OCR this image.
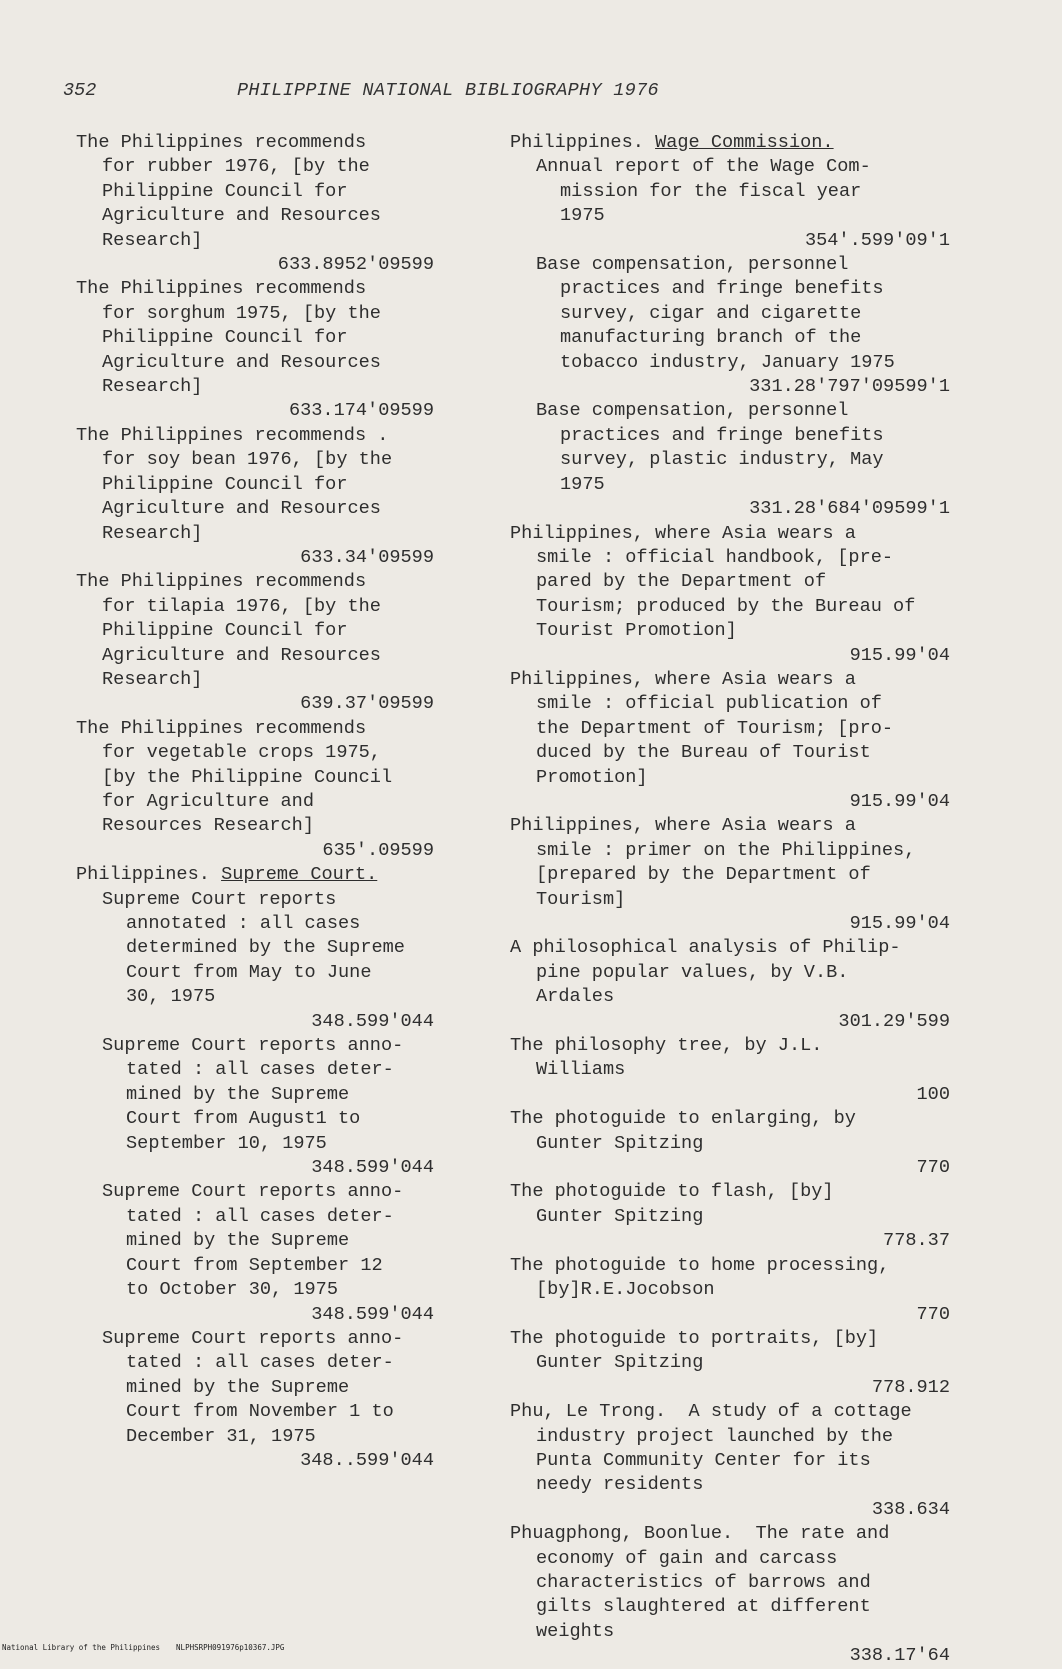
352	PHILIPPINE NATIONAL BIBLIOGRAPHY 1976
The Philippines recommends
for rubber 1976, [by the
Philippine Council for
Agriculture and Resources
Research]
633.8952'09599
The Philippines recommends
for sorghum 1975, [by the
Philippine Council for
Agriculture and Resources
Research]
633.174'09599
The Philippines recommends .
for soy bean 1976, [by the
Philippine Council for
Agriculture and Resources
Research]
633.34'09599
The Philippines recommends
for tilapia 1976, [by the
Philippine Council for
Agriculture and Resources
Research]
639.37'09599
The Philippines recommends
for vegetable crops 1975,
[by the Philippine Council
for Agriculture and
Resources Research]
635'.09599
Philippines. Supreme Court.
Supreme Court reports
annotated : all cases
determined by the Supreme
Court from May to June
30, 1975
348.599'044
Supreme Court reports anno-
tated : all cases deter-
mined by the Supreme
Court from August1 to
September 10, 1975
348.599'044
Supreme Court reports anno-
tated : all cases deter-
mined by the Supreme
Court from September 12
to October 30, 1975
348.599'044
Supreme Court reports anno-
tated : all cases deter-
mined by the Supreme
Court from November 1 to
December 31, 1975
348..599'044
Philippines. Wage Commission.
Annual report of the Wage Com-
mission for the fiscal year
1975
354'.599'09'1
Base compensation, personnel
practices and fringe benefits
survey, cigar and cigarette
manufacturing branch of the
tobacco industry, January 1975
331.28'797'09599'1
Base compensation, personnel
practices and fringe benefits
survey, plastic industry, May
1975
331.28'684'09599'1
Philippines, where Asia wears a
smile : official handbook, [pre-
pared by the Department of
Tourism; produced by the Bureau of
Tourist Promotion]
915.99'04
Philippines, where Asia wears a
smile : official publication of
the Department of Tourism; [pro-
duced by the Bureau of Tourist
Promotion]
915.99'04
Philippines, where Asia wears a
smile : primer on the Philippines,
[prepared by the Department of
Tourism]
915.99'04
A philosophical analysis of Philip-
pine popular values, by V.B.
Ardales
301.29'599
The philosophy tree, by J.L.
Williams
100
The photoguide to enlarging, by
Gunter Spitzing
770
The photoguide to flash, [by]
Gunter Spitzing
778.37
The photoguide to home processing,
[by]R.E.Jocobson
770
The photoguide to portraits, [by]
Gunter Spitzing
778.912
Phu, Le Trong.  A study of a cottage
industry project launched by the
Punta Community Center for its
needy residents
338.634
Phuagphong, Boonlue.  The rate and
economy of gain and carcass
characteristics of barrows and
gilts slaughtered at different
weights
338.17'64
National Library of the Philippines NLPHSRPH091976p10367.JPG
